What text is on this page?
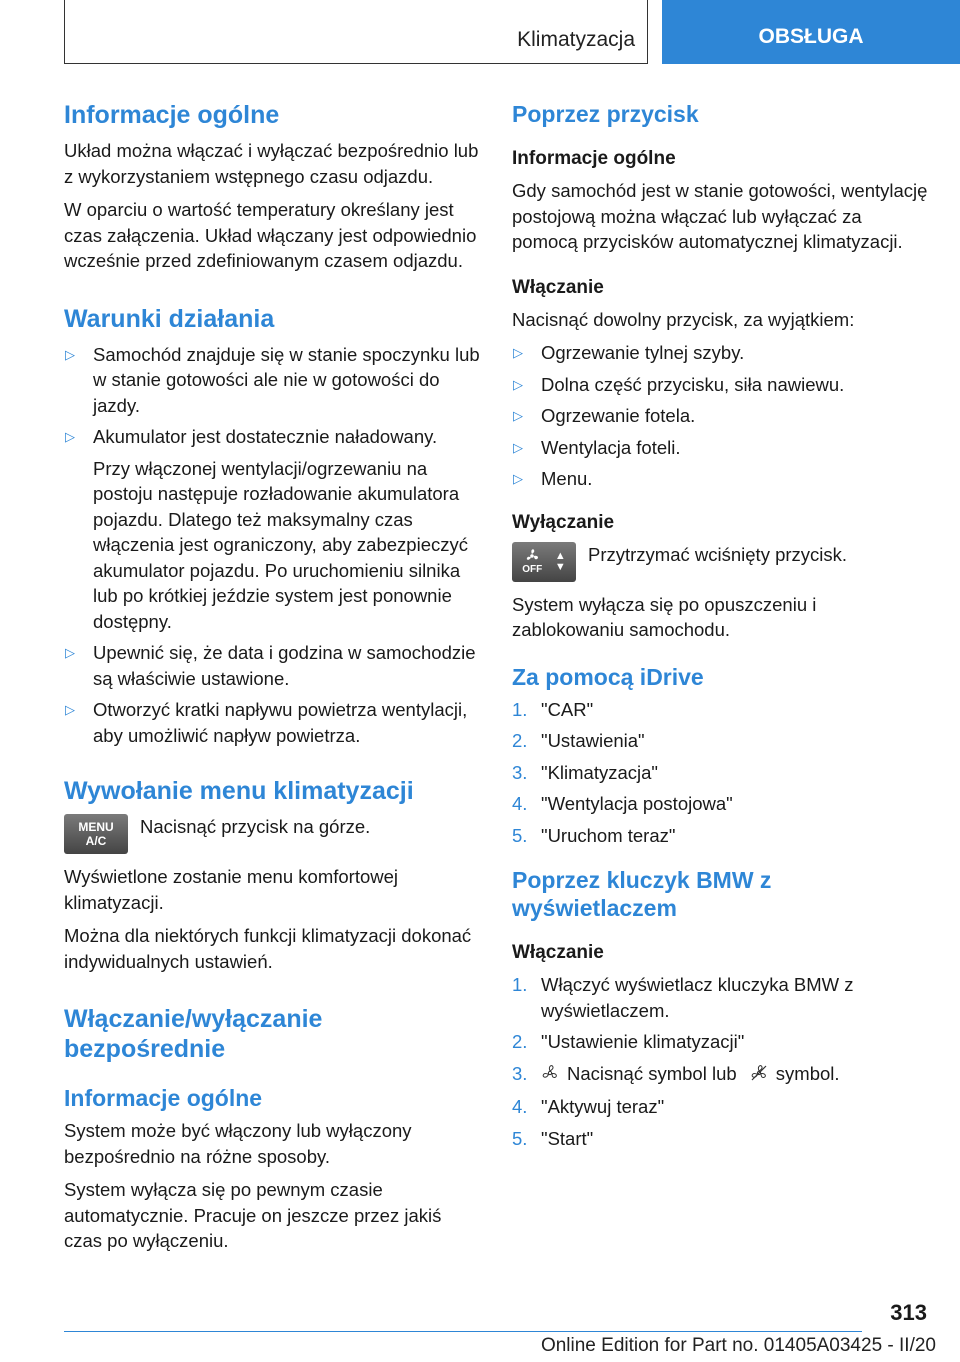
Klimatyzacja	OBSŁUGA
Informacje ogólne

Układ można włączać i wyłączać bezpośrednio lub z wykorzystaniem wstępnego czasu odjazdu.

W oparciu o wartość temperatury określany jest czas załączenia. Układ włączany jest odpowiednio wcześnie przed zdefiniowanym czasem odjazdu.

Warunki działania
▷ Samochód znajduje się w stanie spoczynku lub w stanie gotowości ale nie w gotowości do jazdy.
▷ Akumulator jest dostatecznie naładowany.
Przy włączonej wentylacji/ogrzewaniu na postoju następuje rozładowanie akumulatora pojazdu. Dlatego też maksymalny czas włączenia jest ograniczony, aby zabezpieczyć akumulator pojazdu. Po uruchomieniu silnika lub po krótkiej jeździe system jest ponownie dostępny.
▷ Upewnić się, że data i godzina w samochodzie są właściwie ustawione.
▷ Otworzyć kratki napływu powietrza wentylacji, aby umożliwić napływ powietrza.
Wywołanie menu klimatyzacji
MENU
A/C

Nacisnąć przycisk na górze.

Wyświetlone zostanie menu komfortowej klimatyzacji.

Można dla niektórych funkcji klimatyzacji dokonać indywidualnych ustawień.

Włączanie/wyłączanie bezpośrednie
Informacje ogólne

System może być włączony lub wyłączony bezpośrednio na różne sposoby.

System wyłącza się po pewnym czasie automatycznie. Pracuje on jeszcze przez jakiś czas po wyłączeniu.

Poprzez przycisk
Informacje ogólne

Gdy samochód jest w stanie gotowości, wentylację postojową można włączać lub wyłączać za pomocą przycisków automatycznej klimatyzacji.

Włączanie

Nacisnąć dowolny przycisk, za wyjątkiem:

▷ Ogrzewanie tylnej szyby.
▷ Dolna część przycisku, siła nawiewu.
▷ Ogrzewanie fotela.
▷ Wentylacja foteli.
▷ Menu.
Wyłączanie
OFF
▲
▼

Przytrzymać wciśnięty przycisk.

System wyłącza się po opuszczeniu i zablokowaniu samochodu.

Za pomocą iDrive
1. "CAR"
2. "Ustawienia"
3. "Klimatyzacja"
4. "Wentylacja postojowa"
5. "Uruchom teraz"
Poprzez kluczyk BMW z wyświetlaczem
Włączanie
1. Włączyć wyświetlacz kluczyka BMW z wyświetlaczem.
2. "Ustawienie klimatyzacji"
3. Nacisnąć symbol lub symbol.
4. "Aktywuj teraz"
5. "Start"
313
Online Edition for Part no. 01405A03425 - II/20
